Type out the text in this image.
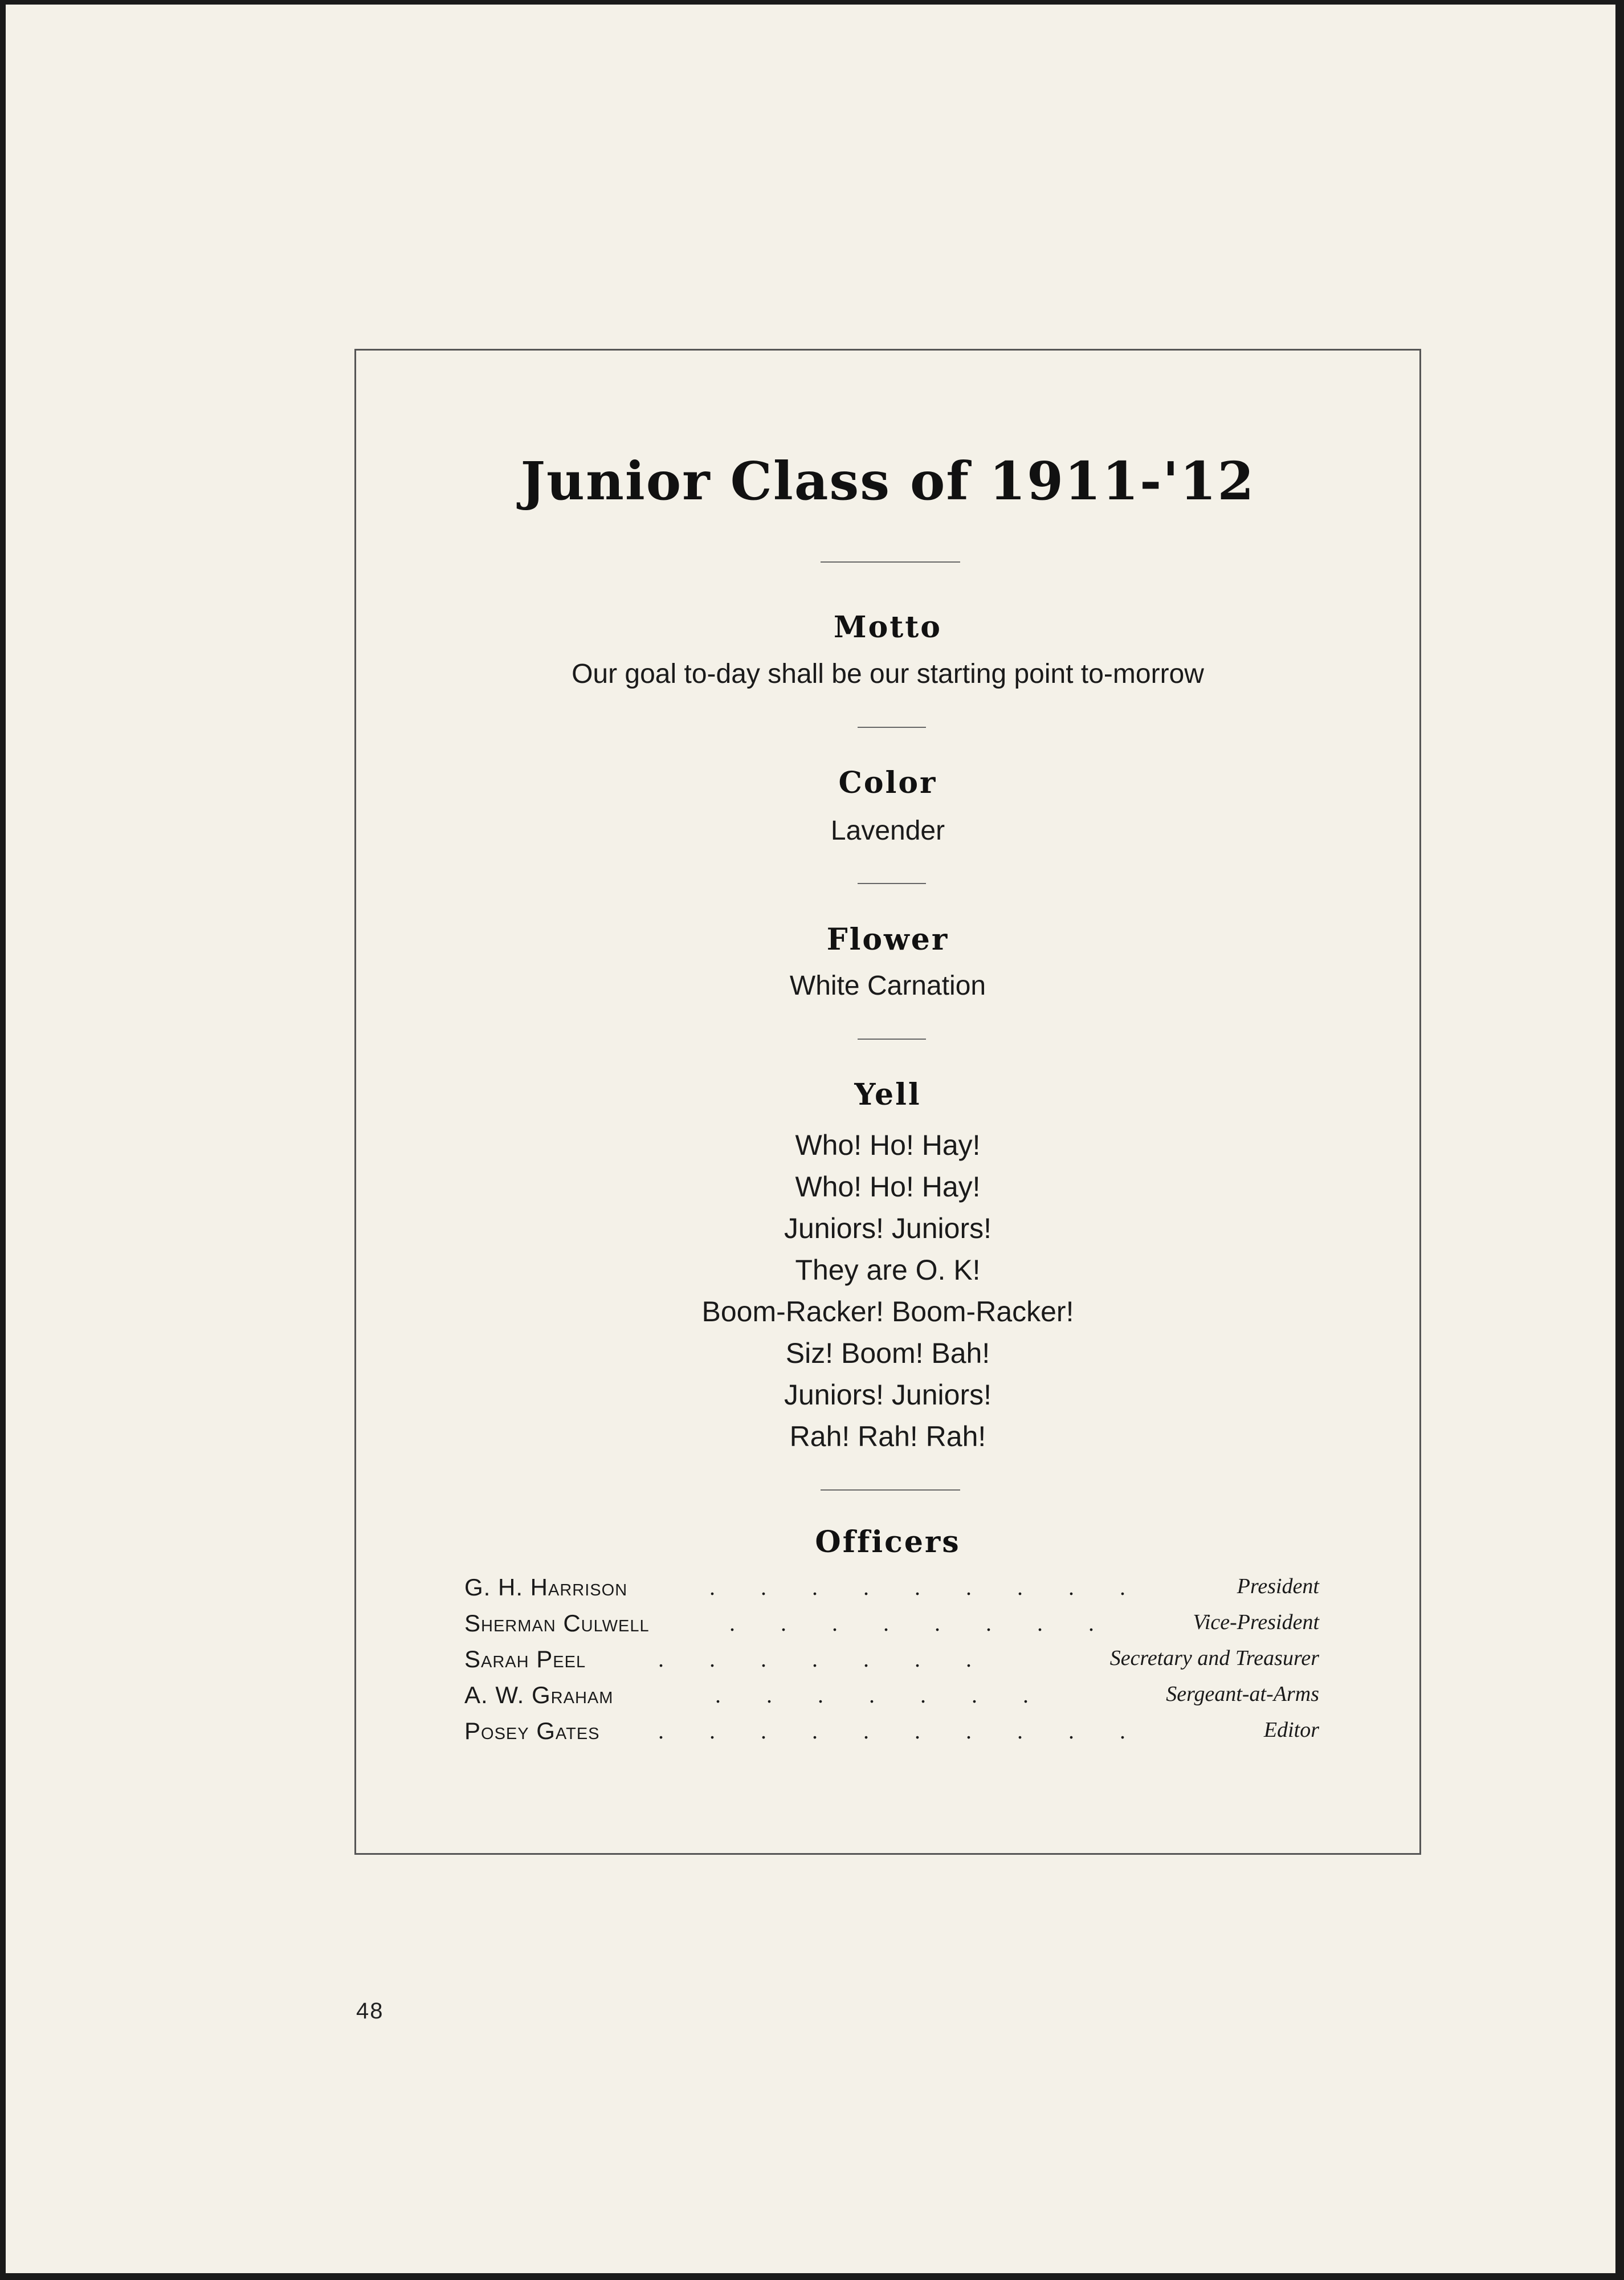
Junior Class of 1911-'12
Motto
Our goal to-day shall be our starting point to-morrow
Color
Lavender
Flower
White Carnation
Yell
Who! Ho! Hay!
Who! Ho! Hay!
Juniors! Juniors!
They are O. K!
Boom-Racker! Boom-Racker!
Siz! Boom! Bah!
Juniors! Juniors!
Rah! Rah! Rah!
Officers
G. H. Harrison	.        .        .        .        .        .        .        .        .	President
Sherman Culwell	.        .        .        .        .        .        .        .	Vice-President
Sarah Peel	.        .        .        .        .        .        .	Secretary and Treasurer
A. W. Graham	.        .        .        .        .        .        .	Sergeant-at-Arms
Posey Gates	.        .        .        .        .        .        .        .        .        .	Editor
48
